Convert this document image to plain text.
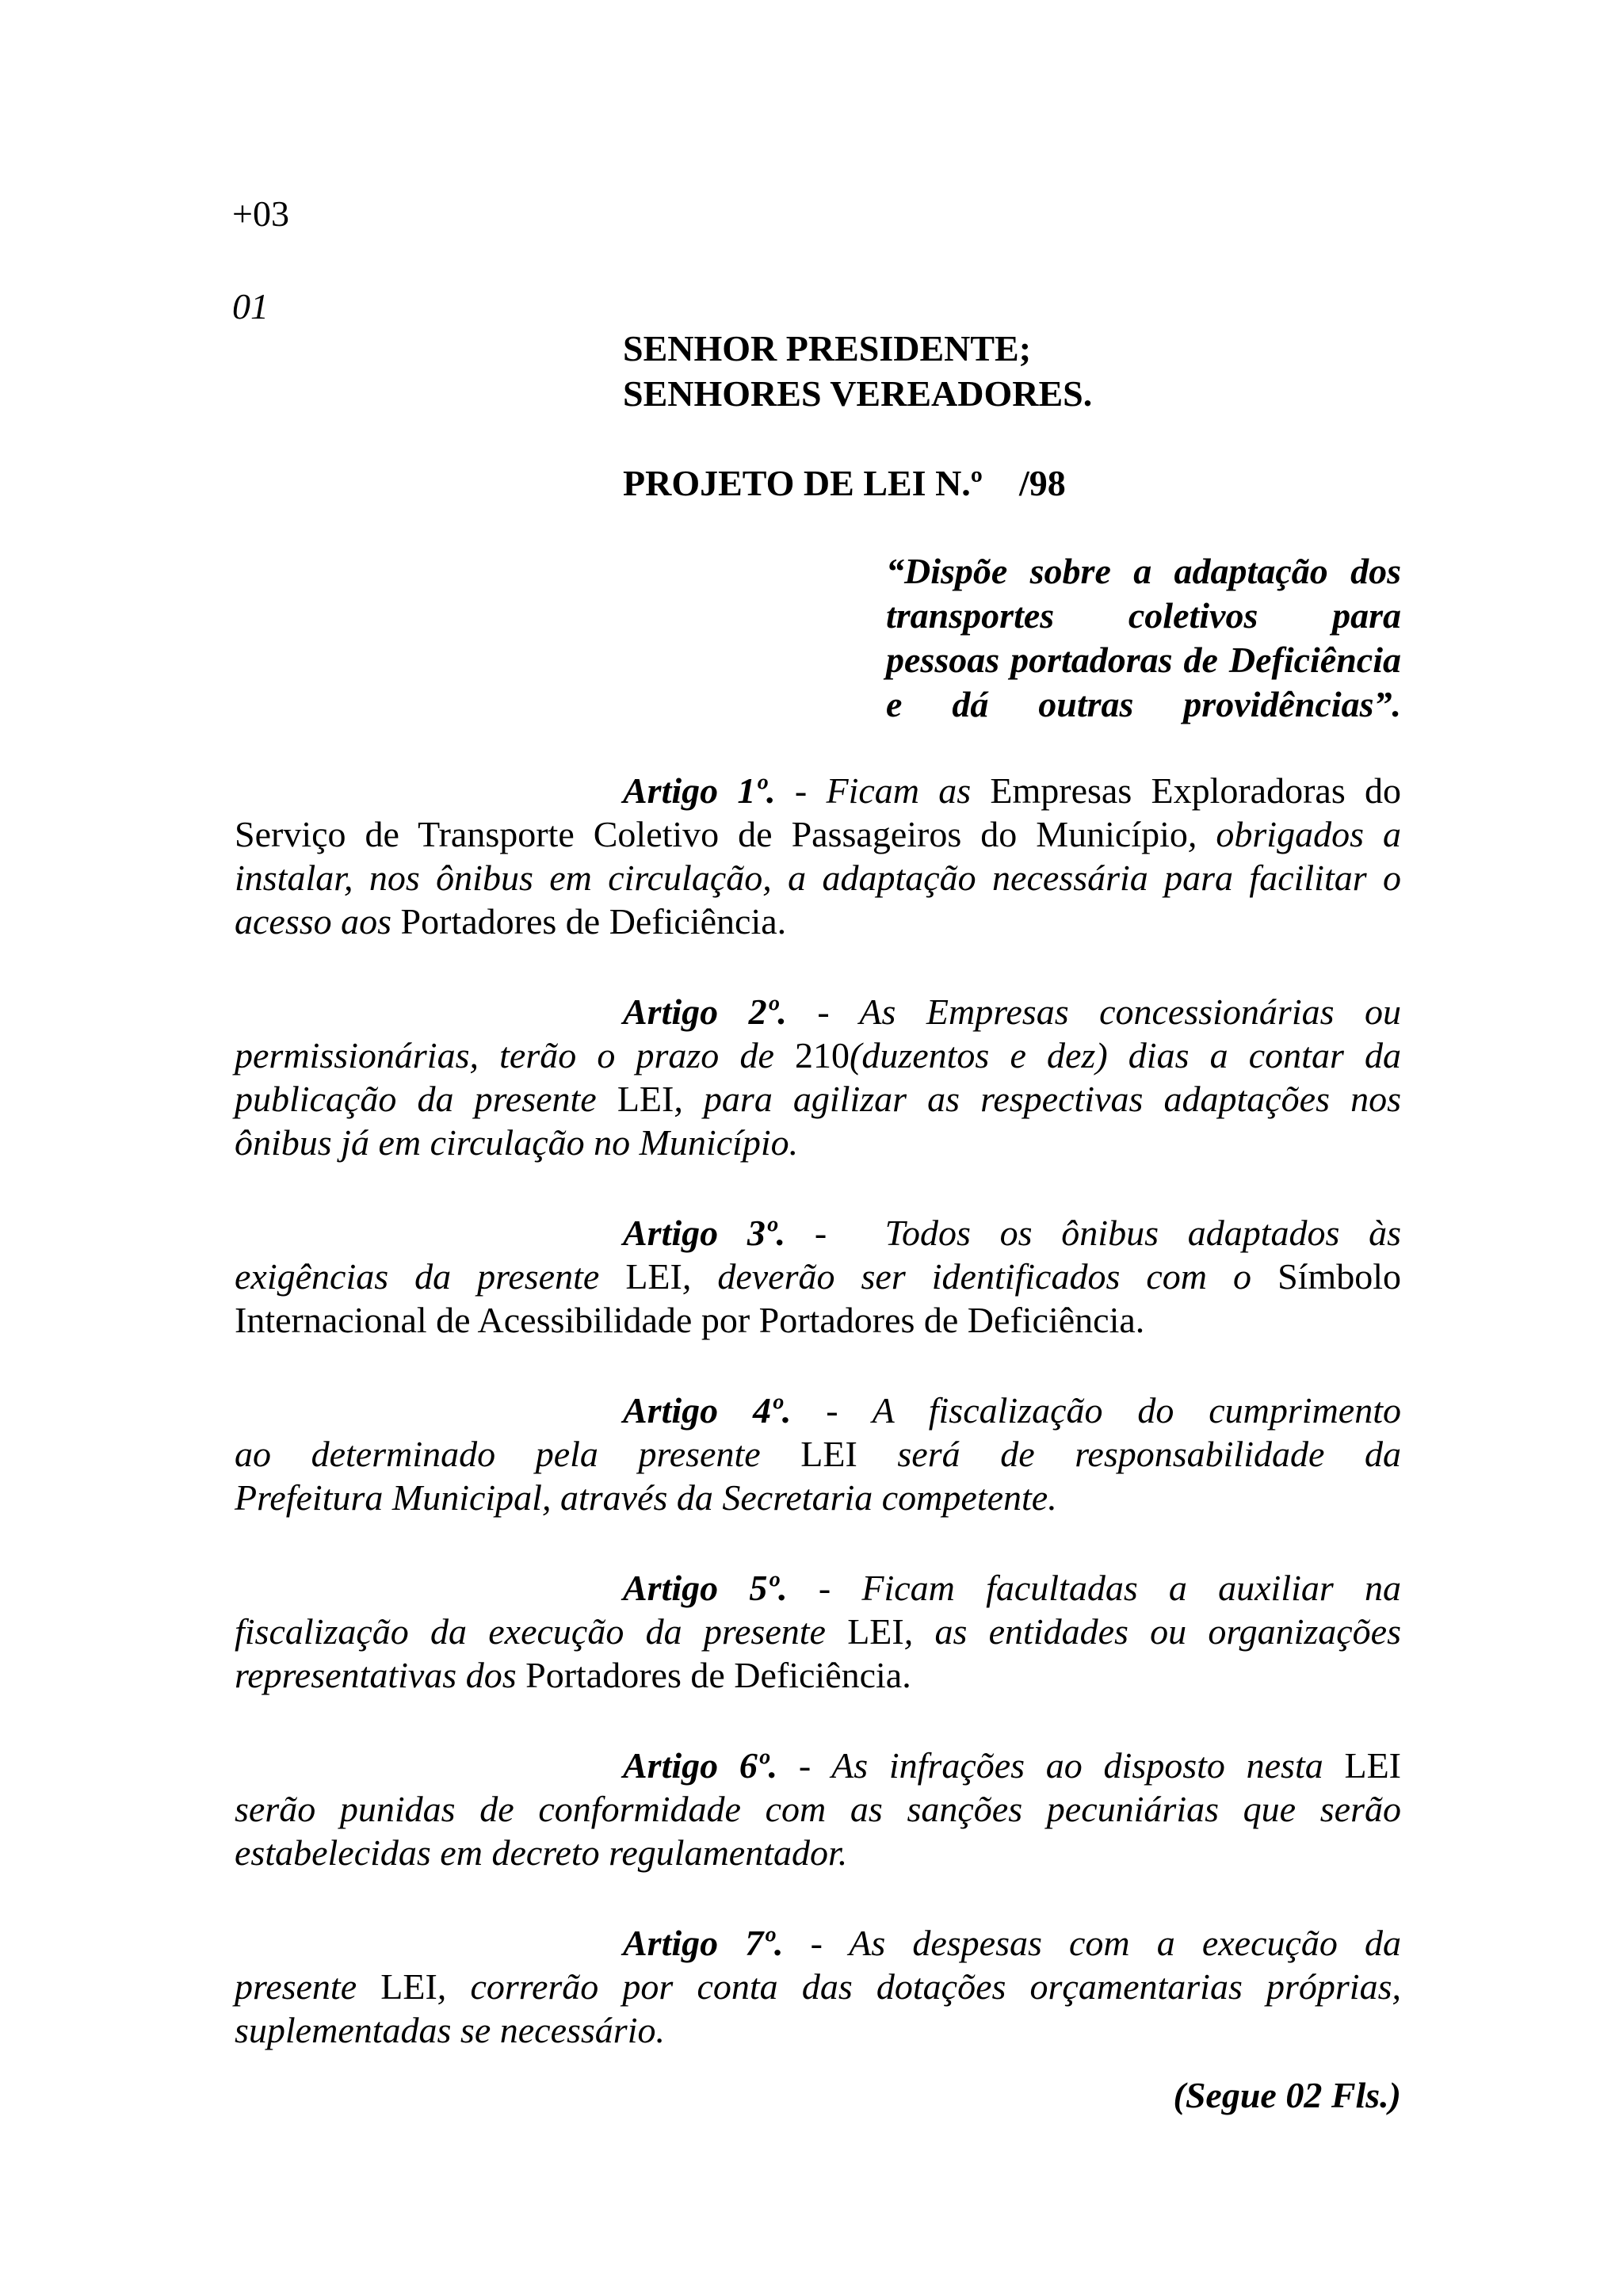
+03
01
SENHOR PRESIDENTE;
SENHORES VEREADORES.
PROJETO DE LEI N.º    /98
“Dispõe sobre a adaptação dos
transportes coletivos para
pessoas portadoras de Deficiência
e dá outras providências”.
Artigo 1º. - Ficam as Empresas Exploradoras do
Serviço de Transporte Coletivo de Passageiros do Município, obrigados a
instalar, nos ônibus em circulação, a adaptação necessária para facilitar o
acesso aos Portadores de Deficiência.
Artigo 2º. - As Empresas concessionárias ou
permissionárias, terão o prazo de 210(duzentos e dez) dias a contar da
publicação da presente LEI, para agilizar as respectivas adaptações nos
ônibus já em circulação no Município.
Artigo 3º. -  Todos os ônibus adaptados às
exigências da presente LEI, deverão ser identificados com o Símbolo
Internacional de Acessibilidade por Portadores de Deficiência.
Artigo 4º. - A fiscalização do cumprimento
ao determinado pela presente LEI será de responsabilidade da
Prefeitura Municipal, através da Secretaria competente.
Artigo 5º. - Ficam facultadas a auxiliar na
fiscalização da execução da presente LEI, as entidades ou organizações
representativas dos Portadores de Deficiência.
Artigo 6º. - As infrações ao disposto nesta LEI
serão punidas de conformidade com as sanções pecuniárias que serão
estabelecidas em decreto regulamentador.
Artigo 7º. - As despesas com a execução da
presente LEI, correrão por conta das dotações orçamentarias próprias,
suplementadas se necessário.
(Segue 02 Fls.)
